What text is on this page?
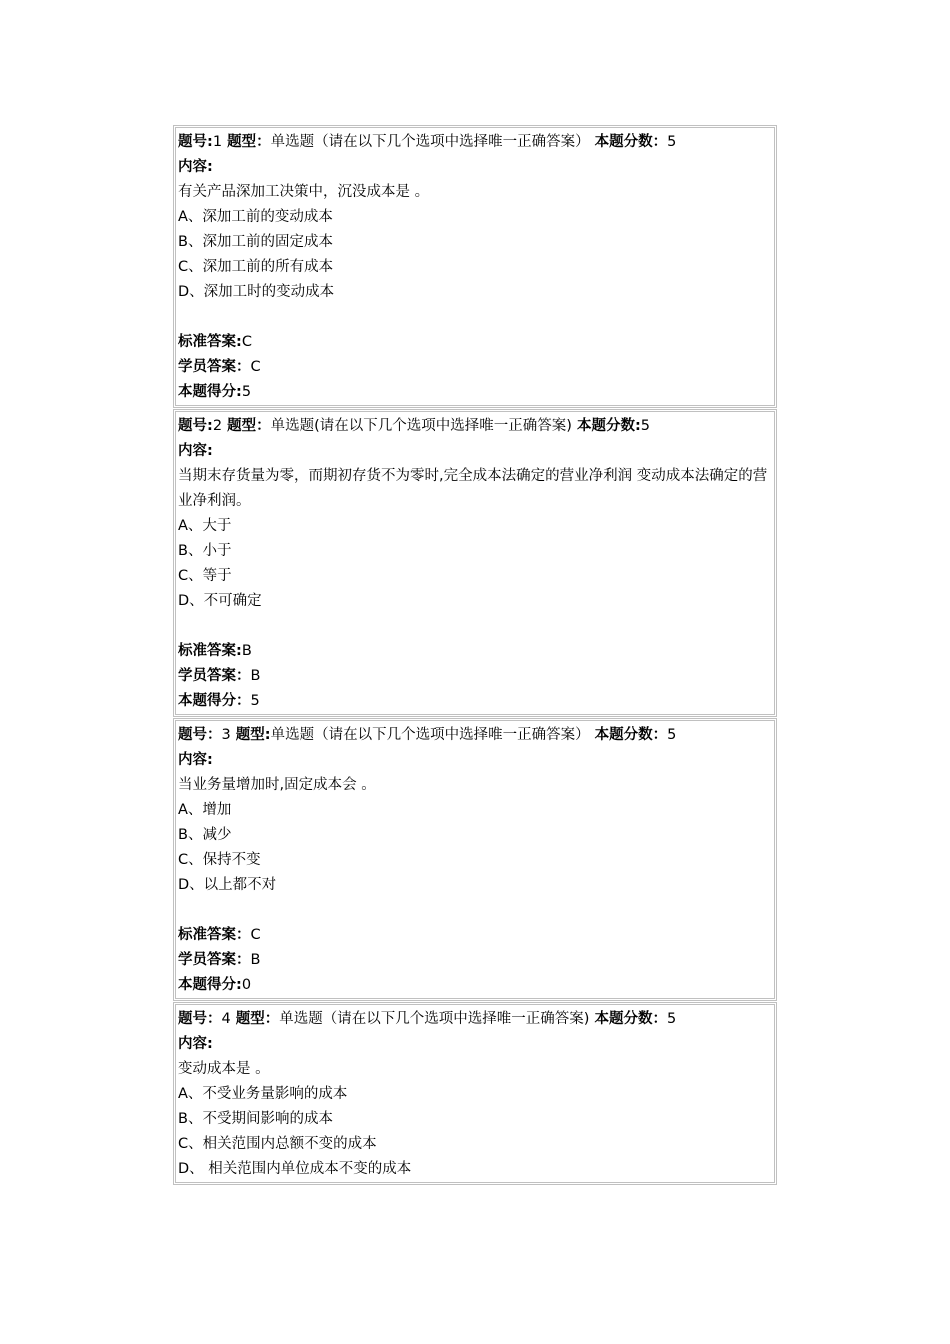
题号:1 题型：单选题（请在以下几个选项中选择唯一正确答案） 本题分数：5
内容:
有关产品深加工决策中，沉没成本是 。
A、深加工前的变动成本
B、深加工前的固定成本
C、深加工前的所有成本
D、深加工时的变动成本
标准答案:C
学员答案：C
本题得分:5
题号:2 题型：单选题(请在以下几个选项中选择唯一正确答案) 本题分数:5
内容:
当期末存货量为零，而期初存货不为零时,完全成本法确定的营业净利润 变动成本法确定的营业净利润。
A、大于
B、小于
C、等于
D、不可确定
标准答案:B
学员答案：B
本题得分：5
题号：3 题型:单选题（请在以下几个选项中选择唯一正确答案） 本题分数：5
内容:
当业务量增加时,固定成本会 。
A、增加
B、减少
C、保持不变
D、以上都不对
标准答案：C
学员答案：B
本题得分:0
题号：4 题型：单选题（请在以下几个选项中选择唯一正确答案) 本题分数：5
内容:
变动成本是 。
A、不受业务量影响的成本
B、不受期间影响的成本
C、相关范围内总额不变的成本
D、 相关范围内单位成本不变的成本
